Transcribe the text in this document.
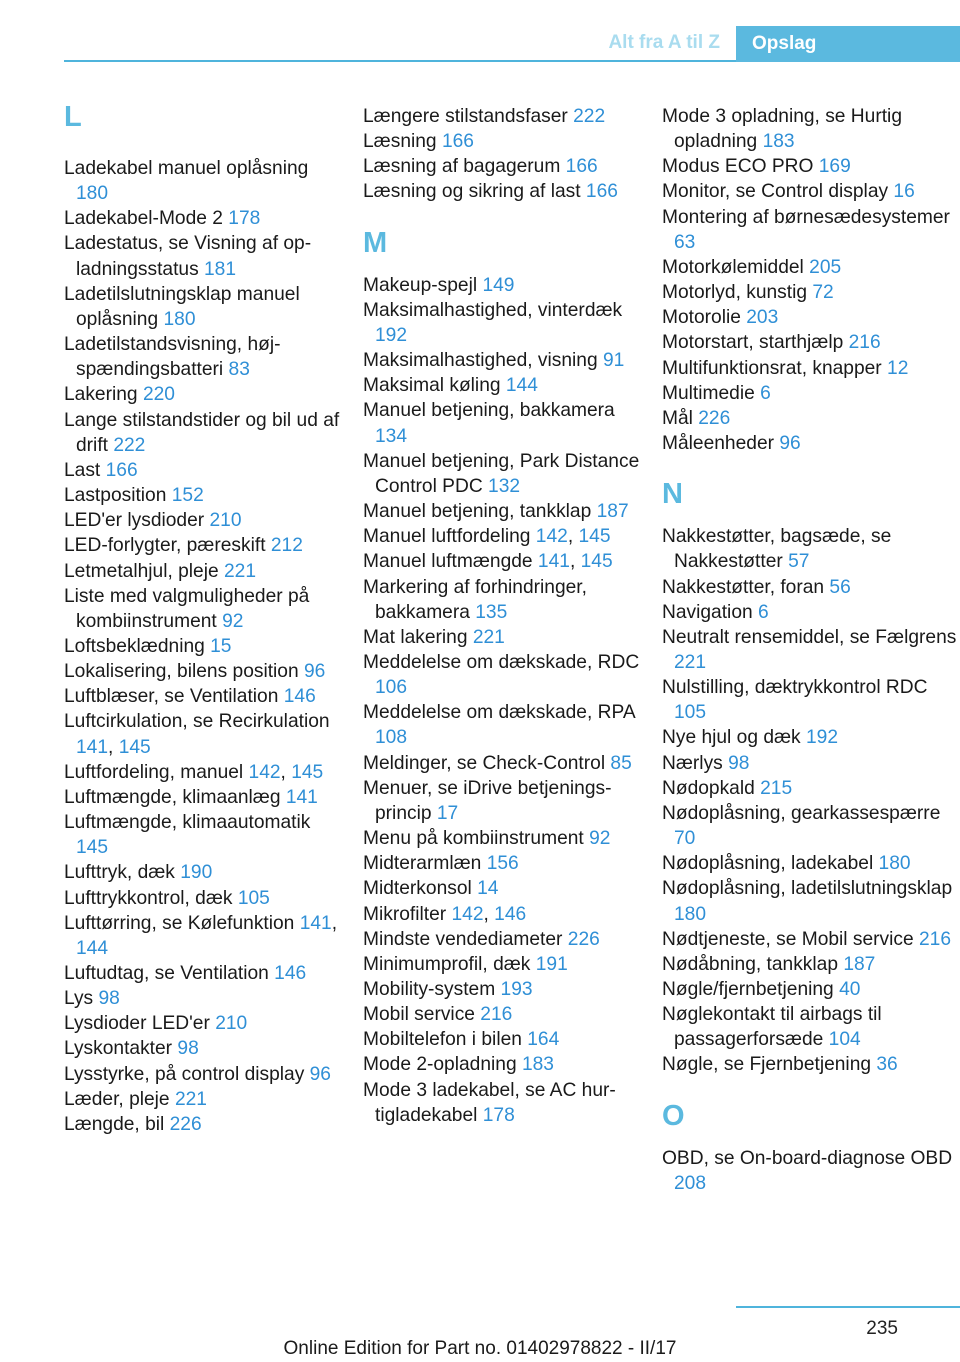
Alt fra A til Z	Opslag
L
Ladekabel manuel oplåsning 180
Ladekabel-Mode 2 178
Ladestatus, se Visning af opladningsstatus 181
Ladetilslutningsklap manuel oplåsning 180
Ladetilstandsvisning, højspændingsbatteri 83
Lakering 220
Lange stilstandstider og bil ud af drift 222
Last 166
Lastposition 152
LED'er lysdioder 210
LED-forlygter, pæreskift 212
Letmetalhjul, pleje 221
Liste med valgmuligheder på kombiinstrument 92
Loftsbeklædning 15
Lokalisering, bilens position 96
Luftblæser, se Ventilation 146
Luftcirkulation, se Recirkulation 141, 145
Luftfordeling, manuel 142, 145
Luftmængde, klimaanlæg 141
Luftmængde, klimaautomatik 145
Lufttryk, dæk 190
Lufttrykkontrol, dæk 105
Lufttørring, se Kølefunktion 141, 144
Luftudtag, se Ventilation 146
Lys 98
Lysdioder LED'er 210
Lyskontakter 98
Lysstyrke, på control display 96
Læder, pleje 221
Længde, bil 226
Længere stilstandsfaser 222
Læsning 166
Læsning af bagagerum 166
Læsning og sikring af last 166
M
Makeup-spejl 149
Maksimalhastighed, vinterdæk 192
Maksimalhastighed, visning 91
Maksimal køling 144
Manuel betjening, bakkamera 134
Manuel betjening, Park Distance Control PDC 132
Manuel betjening, tankklap 187
Manuel luftfordeling 142, 145
Manuel luftmængde 141, 145
Markering af forhindringer, bakkamera 135
Mat lakering 221
Meddelelse om dækskade, RDC 106
Meddelelse om dækskade, RPA 108
Meldinger, se Check-Control 85
Menuer, se iDrive betjeningsprincip 17
Menu på kombiinstrument 92
Midterarmlæn 156
Midterkonsol 14
Mikrofilter 142, 146
Mindste vendediameter 226
Minimumprofil, dæk 191
Mobility-system 193
Mobil service 216
Mobiltelefon i bilen 164
Mode 2-opladning 183
Mode 3 ladekabel, se AC hurtigladekabel 178
Mode 3 opladning, se Hurtig opladning 183
Modus ECO PRO 169
Monitor, se Control display 16
Montering af børnesædesystemer 63
Motorkølemiddel 205
Motorlyd, kunstig 72
Motorolie 203
Motorstart, starthjælp 216
Multifunktionsrat, knapper 12
Multimedie 6
Mål 226
Måleenheder 96
N
Nakkestøtter, bagsæde, se Nakkestøtter 57
Nakkestøtter, foran 56
Navigation 6
Neutralt rensemiddel, se Fælgrens 221
Nulstilling, dæktrykkontrol RDC 105
Nye hjul og dæk 192
Nærlys 98
Nødopkald 215
Nødoplåsning, gearkassespærre 70
Nødoplåsning, ladekabel 180
Nødoplåsning, ladetilslutningsklap 180
Nødtjeneste, se Mobil service 216
Nødåbning, tankklap 187
Nøgle/fjernbetjening 40
Nøglekontakt til airbags til passagerforsæde 104
Nøgle, se Fjernbetjening 36
O
OBD, se On-board-diagnose OBD 208
235
Online Edition for Part no. 01402978822 - II/17
